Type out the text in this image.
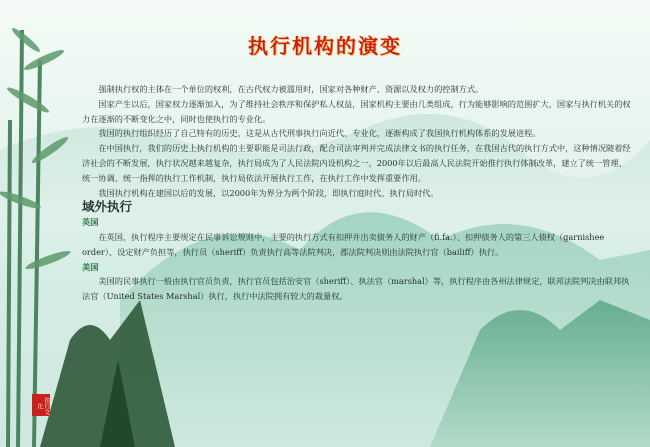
执行机构的演变

强制执行权的主体在一个单位的权利，在古代权力被滥用时，国家对各种财产、资源以及权力的控制方式。

国家产生以后，国家权力逐渐加入，为了维持社会秩序和保护私人权益，国家机构主要由几类组成，行为能够影响的范围扩大，国家与执行机关的权力在逐渐的不断变化之中，同时也使执行的专业化。

我国的执行组织经历了自己特有的历史，这是从古代刑事执行向近代、专业化，逐渐构成了我国执行机构体系的发展进程。

在中国执行，我们的历史上执行机构的主要职能是司法行政，配合司法审判并完成法律文书的执行任务，在我国古代的执行方式中，这种情况随着经济社会的不断发展，执行状况越来越复杂，执行局成为了人民法院内设机构之一，2000年以后最高人民法院开始推行执行体制改革，建立了统一管理、统一协调、统一指挥的执行工作机制，执行局依法开展执行工作，在执行工作中发挥重要作用。

我国执行机构在建国以后的发展，以2000年为界分为两个阶段，即执行庭时代、执行局时代。

域外执行

英国

在英国，执行程序主要规定在民事诉讼规则中，主要的执行方式有扣押并出卖债务人的财产（fi.fa.）、扣押债务人的第三人债权（garnishee order）、设定财产负担等，执行员（sheriff）负责执行高等法院判决，郡法院判决则由法院执行官（bailiff）执行。

美国

美国的民事执行一般由执行官员负责，执行官员包括治安官（sheriff）、执法官（marshal）等，执行程序由各州法律规定，联邦法院判决由联邦执法官（United States Marshal）执行，执行中法院拥有较大的裁量权。

执行文化
